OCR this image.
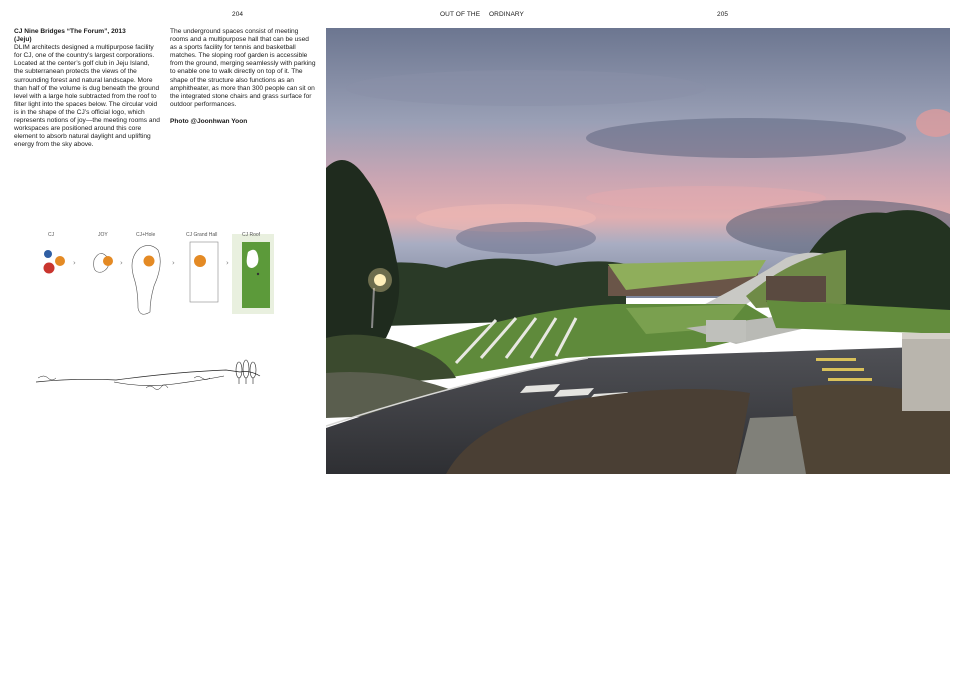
204	OUT OF THE ORDINARY	205

CJ Nine Bridges “The Forum”, 2013

(Jeju)

DLIM architects designed a multipurpose facility for CJ, one of the country’s largest corporations. Located at the center’s golf club in Jeju Island, the subterranean protects the views of the surrounding forest and natural landscape. More than half of the volume is dug beneath the ground level with a large hole subtracted from the roof to filter light into the spaces below. The circular void is in the shape of the CJ’s official logo, which represents notions of joy—the meeting rooms and workspaces are positioned around this core element to absorb natural daylight and uplifting energy from the sky above.

The underground spaces consist of meeting rooms and a multipurpose hall that can be used as a sports facility for tennis and basketball matches. The sloping roof garden is accessible from the ground, merging seamlessly with parking to enable one to walk directly on top of it. The shape of the structure also functions as an amphitheater, as more than 300 people can sit on the integrated stone chairs and grass surface for outdoor performances.

Photo @Joonhwan Yoon

CJ	JOY	CJ+Hole	CJ Grand Hall	CJ Roof
›	›	›	›
